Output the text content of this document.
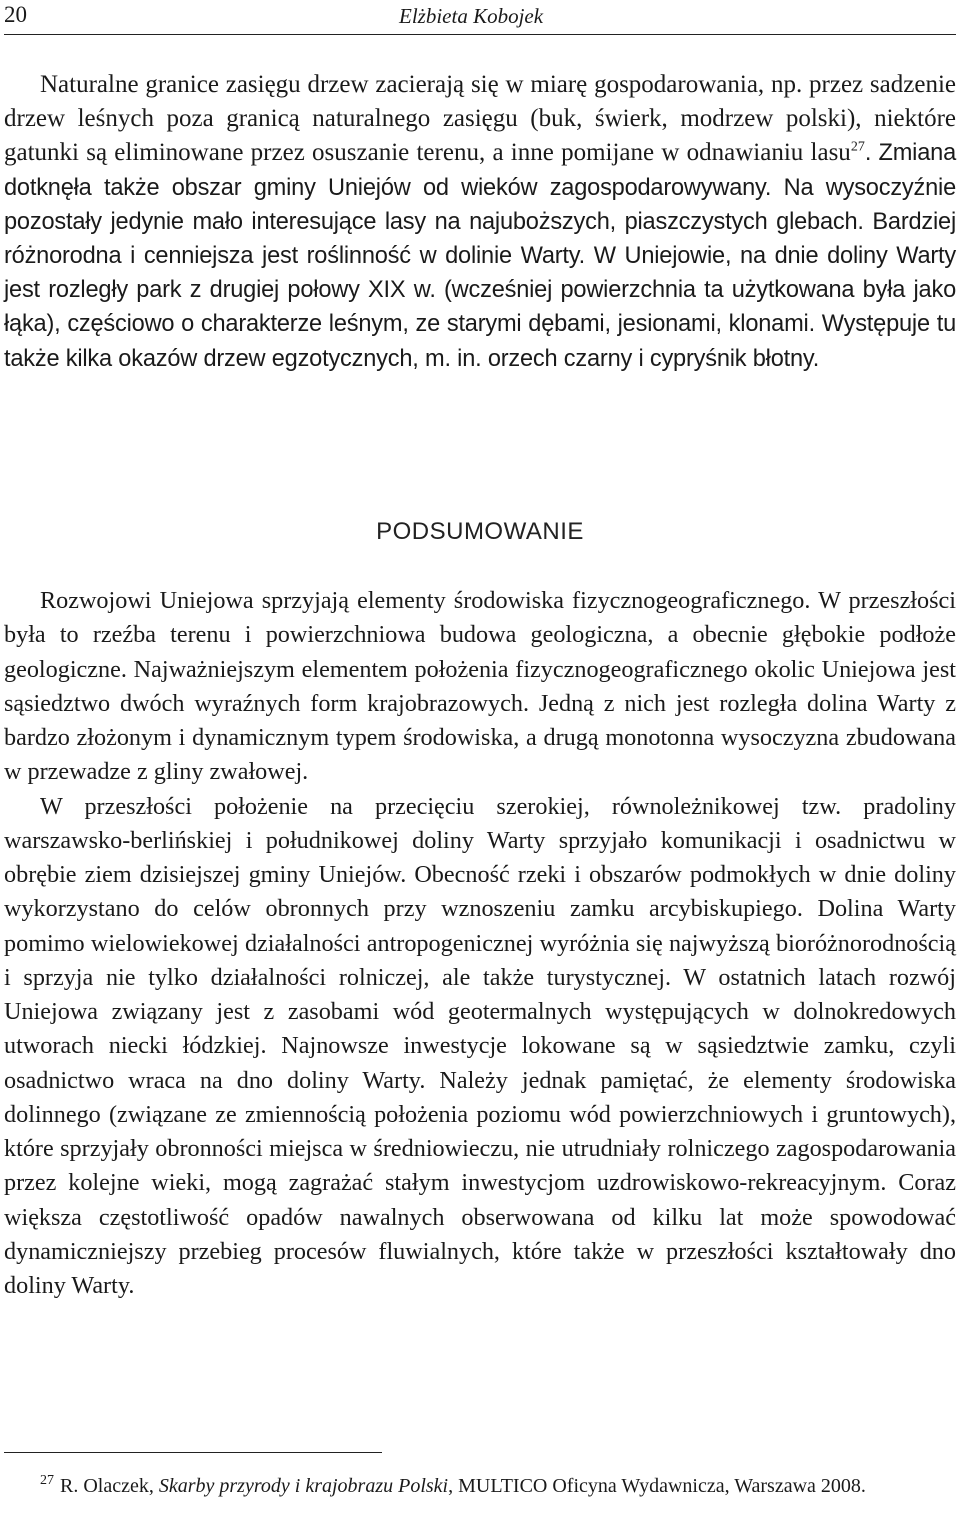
20	Elżbieta Kobojek

Naturalne granice zasięgu drzew zacierają się w miarę gospodarowania, np. przez sadzenie drzew leśnych poza granicą naturalnego zasięgu (buk, świerk, modrzew polski), niektóre gatunki są eliminowane przez osuszanie terenu, a inne pomijane w odnawianiu lasu$^{27}$. Zmiana dotknęła także obszar gminy Uniejów od wieków zagospodarowywany. Na wysoczyźnie pozostały jedynie mało interesujące lasy na najuboższych, piaszczystych glebach. Bardziej różnorodna i cenniejsza jest roślinność w dolinie Warty. W Uniejowie, na dnie doliny Warty jest rozległy park z drugiej połowy XIX w. (wcześniej powierzchnia ta użytkowana była jako łąka), częściowo o charakterze leśnym, ze starymi dębami, jesionami, klonami. Występuje tu także kilka okazów drzew egzotycznych, m. in. orzech czarny i cypryśnik błotny.

PODSUMOWANIE

Rozwojowi Uniejowa sprzyjają elementy środowiska fizycznogeograficznego. W przeszłości była to rzeźba terenu i powierzchniowa budowa geologiczna, a obecnie głębokie podłoże geologiczne. Najważniejszym elementem położenia fizycznogeograficznego okolic Uniejowa jest sąsiedztwo dwóch wyraźnych form krajobrazowych. Jedną z nich jest rozległa dolina Warty z bardzo złożonym i dynamicznym typem środowiska, a drugą monotonna wysoczyzna zbudowana w przewadze z gliny zwałowej.

W przeszłości położenie na przecięciu szerokiej, równoleżnikowej tzw. pradoliny warszawsko-berlińskiej i południkowej doliny Warty sprzyjało komunikacji i osadnictwu w obrębie ziem dzisiejszej gminy Uniejów. Obecność rzeki i obszarów podmokłych w dnie doliny wykorzystano do celów obronnych przy wznoszeniu zamku arcybiskupiego. Dolina Warty pomimo wielowiekowej działalności antropogenicznej wyróżnia się najwyższą bioróżnorodnością i sprzyja nie tylko działalności rolniczej, ale także turystycznej. W ostatnich latach rozwój Uniejowa związany jest z zasobami wód geotermalnych występujących w dolnokredowych utworach niecki łódzkiej. Najnowsze inwestycje lokowane są w sąsiedztwie zamku, czyli osadnictwo wraca na dno doliny Warty. Należy jednak pamiętać, że elementy środowiska dolinnego (związane ze zmiennością położenia poziomu wód powierzchniowych i gruntowych), które sprzyjały obronności miejsca w średniowieczu, nie utrudniały rolniczego zagospodarowania przez kolejne wieki, mogą zagrażać stałym inwestycjom uzdrowiskowo-rekreacyjnym. Coraz większa częstotliwość opadów nawalnych obserwowana od kilku lat może spowodować dynamiczniejszy przebieg procesów fluwialnych, które także w przeszłości kształtowały dno doliny Warty.

$^{27}$ R. Olaczek, Skarby przyrody i krajobrazu Polski, MULTICO Oficyna Wydawnicza, Warszawa 2008.
